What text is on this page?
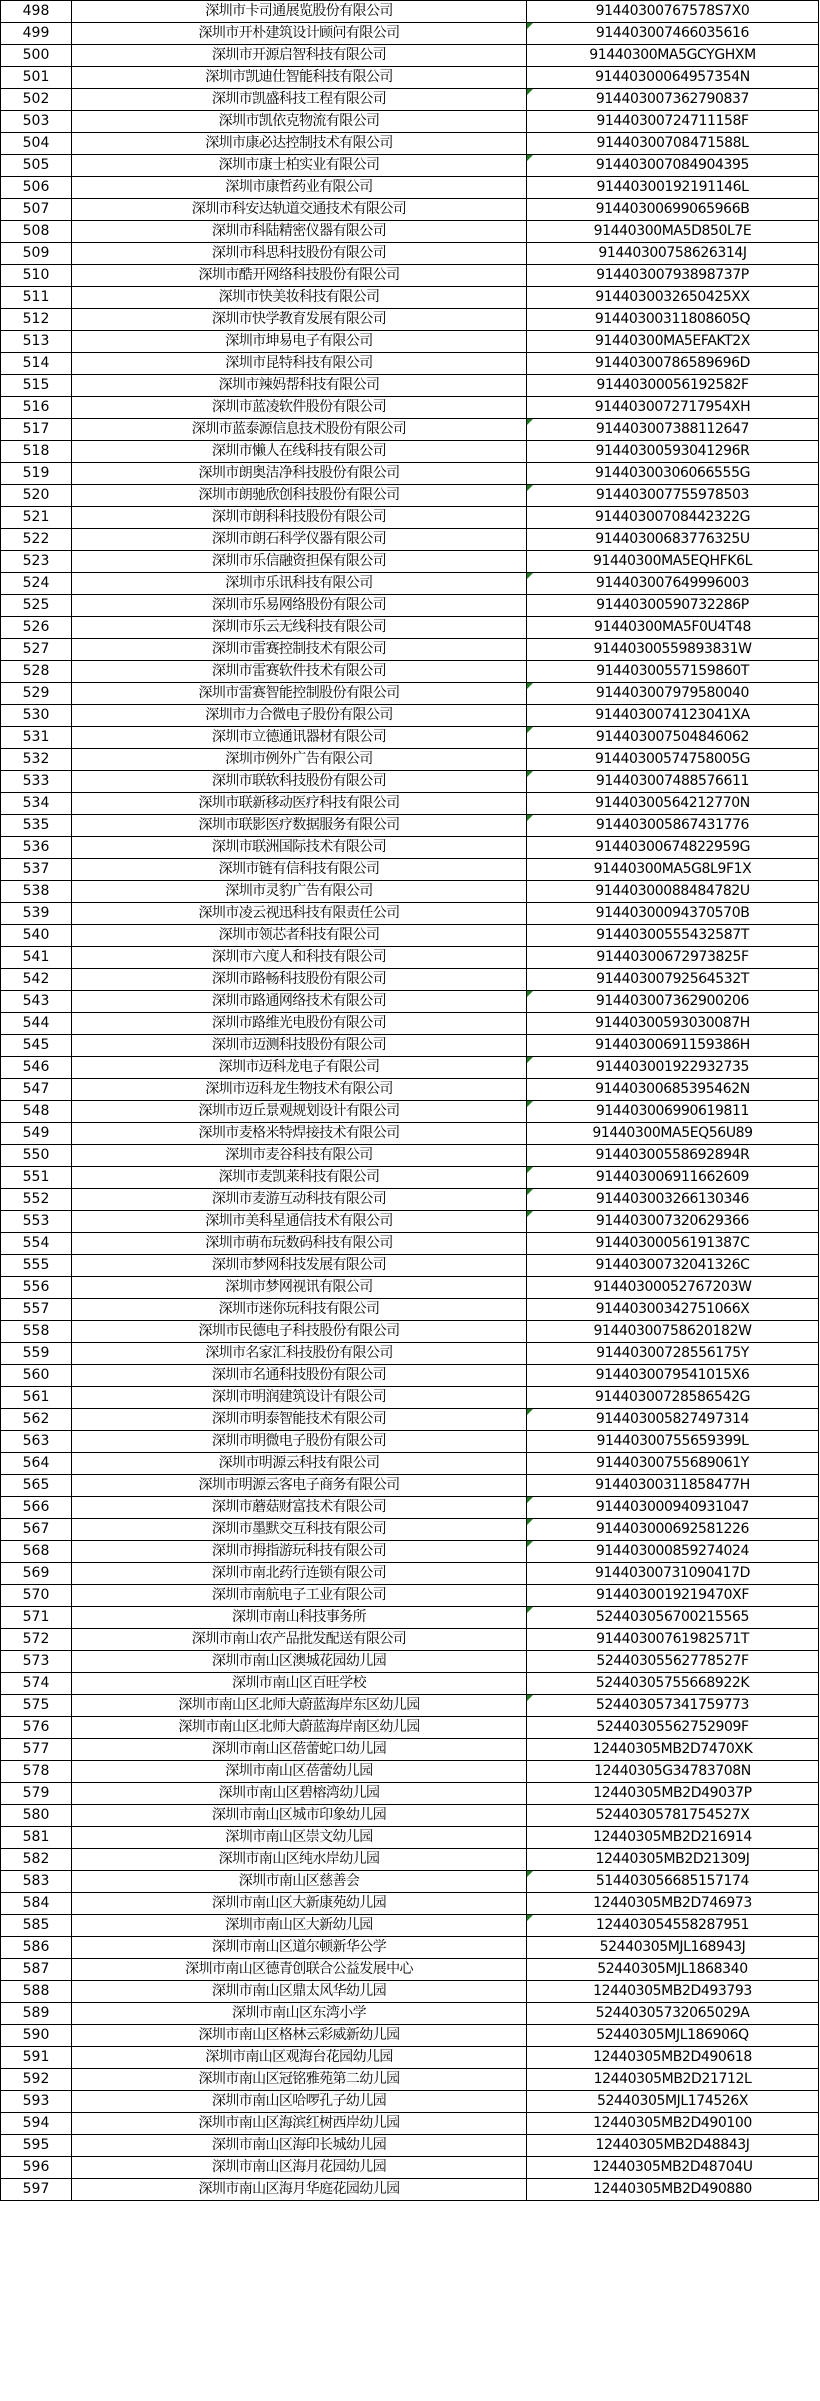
498	深圳市卡司通展览股份有限公司	91440300767578S7X0
499	深圳市开朴建筑设计顾问有限公司	914403007466035616

500	深圳市开源启智科技有限公司	91440300MA5GCYGHXM
501	深圳市凯迪仕智能科技有限公司	91440300064957354N
502	深圳市凯盛科技工程有限公司	914403007362790837

503	深圳市凯依克物流有限公司	91440300724711158F
504	深圳市康必达控制技术有限公司	91440300708471588L
505	深圳市康士柏实业有限公司	914403007084904395

506	深圳市康哲药业有限公司	91440300192191146L
507	深圳市科安达轨道交通技术有限公司	91440300699065966B
508	深圳市科陆精密仪器有限公司	91440300MA5D850L7E
509	深圳市科思科技股份有限公司	91440300758626314J
510	深圳市酷开网络科技股份有限公司	91440300793898737P
511	深圳市快美妆科技有限公司	9144030032650425XX
512	深圳市快学教育发展有限公司	91440300311808605Q
513	深圳市坤易电子有限公司	91440300MA5EFAKT2X
514	深圳市昆特科技有限公司	91440300786589696D
515	深圳市辣妈帮科技有限公司	91440300056192582F
516	深圳市蓝凌软件股份有限公司	9144030072717954XH
517	深圳市蓝泰源信息技术股份有限公司	914403007388112647

518	深圳市懒人在线科技有限公司	91440300593041296R
519	深圳市朗奥洁净科技股份有限公司	91440300306066555G
520	深圳市朗驰欣创科技股份有限公司	914403007755978503

521	深圳市朗科科技股份有限公司	91440300708442322G
522	深圳市朗石科学仪器有限公司	91440300683776325U
523	深圳市乐信融资担保有限公司	91440300MA5EQHFK6L
524	深圳市乐讯科技有限公司	914403007649996003

525	深圳市乐易网络股份有限公司	91440300590732286P
526	深圳市乐云无线科技有限公司	91440300MA5F0U4T48
527	深圳市雷赛控制技术有限公司	91440300559893831W
528	深圳市雷赛软件技术有限公司	91440300557159860T
529	深圳市雷赛智能控制股份有限公司	914403007979580040

530	深圳市力合微电子股份有限公司	9144030074123041XA
531	深圳市立德通讯器材有限公司	914403007504846062

532	深圳市例外广告有限公司	91440300574758005G
533	深圳市联软科技股份有限公司	914403007488576611

534	深圳市联新移动医疗科技有限公司	91440300564212770N
535	深圳市联影医疗数据服务有限公司	914403005867431776

536	深圳市联洲国际技术有限公司	91440300674822959G
537	深圳市链有信科技有限公司	91440300MA5G8L9F1X
538	深圳市灵豹广告有限公司	91440300088484782U
539	深圳市凌云视迅科技有限责任公司	91440300094370570B
540	深圳市领芯者科技有限公司	91440300555432587T
541	深圳市六度人和科技有限公司	91440300672973825F
542	深圳市路畅科技股份有限公司	91440300792564532T
543	深圳市路通网络技术有限公司	914403007362900206

544	深圳市路维光电股份有限公司	91440300593030087H
545	深圳市迈测科技股份有限公司	91440300691159386H
546	深圳市迈科龙电子有限公司	914403001922932735

547	深圳市迈科龙生物技术有限公司	91440300685395462N
548	深圳市迈丘景观规划设计有限公司	914403006990619811

549	深圳市麦格米特焊接技术有限公司	91440300MA5EQ56U89
550	深圳市麦谷科技有限公司	91440300558692894R
551	深圳市麦凯莱科技有限公司	914403006911662609

552	深圳市麦游互动科技有限公司	914403003266130346

553	深圳市美科星通信技术有限公司	914403007320629366

554	深圳市萌布玩数码科技有限公司	91440300056191387C
555	深圳市梦网科技发展有限公司	91440300732041326C
556	深圳市梦网视讯有限公司	91440300052767203W
557	深圳市迷你玩科技有限公司	91440300342751066X
558	深圳市民德电子科技股份有限公司	91440300758620182W
559	深圳市名家汇科技股份有限公司	91440300728556175Y
560	深圳市名通科技股份有限公司	9144030079541015X6
561	深圳市明润建筑设计有限公司	91440300728586542G
562	深圳市明泰智能技术有限公司	914403005827497314

563	深圳市明微电子股份有限公司	91440300755659399L
564	深圳市明源云科技有限公司	91440300755689061Y
565	深圳市明源云客电子商务有限公司	91440300311858477H
566	深圳市蘑菇财富技术有限公司	914403000940931047

567	深圳市墨默交互科技有限公司	914403000692581226

568	深圳市拇指游玩科技有限公司	914403000859274024

569	深圳市南北药行连锁有限公司	91440300731090417D
570	深圳市南航电子工业有限公司	9144030019219470XF
571	深圳市南山科技事务所	524403056700215565

572	深圳市南山农产品批发配送有限公司	91440300761982571T
573	深圳市南山区澳城花园幼儿园	52440305562778527F
574	深圳市南山区百旺学校	52440305755668922K
575	深圳市南山区北师大蔚蓝海岸东区幼儿园	524403057341759773

576	深圳市南山区北师大蔚蓝海岸南区幼儿园	52440305562752909F
577	深圳市南山区蓓蕾蛇口幼儿园	12440305MB2D7470XK
578	深圳市南山区蓓蕾幼儿园	12440305G34783708N
579	深圳市南山区碧榕湾幼儿园	12440305MB2D49037P
580	深圳市南山区城市印象幼儿园	52440305781754527X
581	深圳市南山区崇文幼儿园	12440305MB2D216914
582	深圳市南山区纯水岸幼儿园	12440305MB2D21309J
583	深圳市南山区慈善会	514403056685157174

584	深圳市南山区大新康苑幼儿园	12440305MB2D746973
585	深圳市南山区大新幼儿园	124403054558287951

586	深圳市南山区道尔顿新华公学	52440305MJL168943J
587	深圳市南山区德青创联合公益发展中心	52440305MJL1868340
588	深圳市南山区鼎太风华幼儿园	12440305MB2D493793
589	深圳市南山区东湾小学	52440305732065029A
590	深圳市南山区格林云彩威新幼儿园	52440305MJL186906Q
591	深圳市南山区观海台花园幼儿园	12440305MB2D490618
592	深圳市南山区冠铭雅苑第二幼儿园	12440305MB2D21712L
593	深圳市南山区哈啰孔子幼儿园	52440305MJL174526X
594	深圳市南山区海滨红树西岸幼儿园	12440305MB2D490100
595	深圳市南山区海印长城幼儿园	12440305MB2D48843J
596	深圳市南山区海月花园幼儿园	12440305MB2D48704U
597	深圳市南山区海月华庭花园幼儿园	12440305MB2D490880
